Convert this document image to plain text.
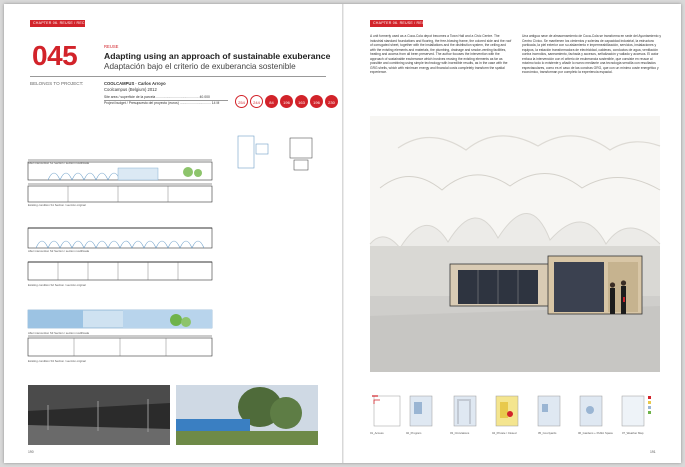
CHAPTER 06. REUSE / RECLAIM SERIES
045	REUSE
Adapting using an approach of sustainable exuberance
Adaptación bajo el criterio de exuberancia sostenible
BELONGS TO PROJECT:	COOLCAMPUS · Carlos Arroyo
Coolcampus (Belgium) 2012
Site area / superficie de la parcela ............................................. 40.000
Project budget / Presupuesto del proyecto (euros) ................................. 14 M
After intervention S1 Section / section modificada
Existing condition S1 Section / sección original
After intervention S2 Section / section modificada
Existing condition S2 Section / sección original
After intervention S3 Section / section modificada
Existing condition S3 Section / sección original
190
CHAPTER 06. REUSE / RECLAIM SERIES
A unit formerly used as a Coca-Cola depot becomes a Town Hall and a Civic Centre. The industrial standard foundations and flooring, the free-blowing frame, the colored side and the roof of corrugated sheet, together with the installations and the distribution system, the ceiling and with the existing elements and materials, the plumbing, drainage and smoke-venting facilities, heating and access from all been preserved. The author focuses the intervention with the approach of sustainable exuberance which involves reusing the existing elements as far as possible and combining using simple technology with incredible results, as in the case with the GRG shells, which with minimum energy and financial costs completely transform the spatial experience.
Una antigua nave de almacenamiento de Coca-Cola se transforma en sede del Ayuntamiento y Centro Cívico. Se mantienen los cimientos y solerías de capacidad industrial, la estructura porticada, la piel exterior con su aislamiento e impermeabilización, servicios, instalaciones y equipos, la estación transformadora de electricidad, calderas, conductos de agua, ventilación contra incendios, saneamiento, fachada y accesos, señalización y vallado y accesos. El autor enfoca la intervención con el criterio de exuberancia sostenible, que consiste en reusar al máximo todo lo existente y añadir lo nuevo mediante una tecnología sencilla con resultados espectaculares, como es el caso de las conchas GRG, que con un mínimo coste energético y económico, transforman por completo la experiencia espacial.
01_Access	02_Program	03_Circulations	04_Private / Closed	05_Courtyards	06_Gardens + Public Space	07_Weather Map
191
254	244	84	196	163	196	230
